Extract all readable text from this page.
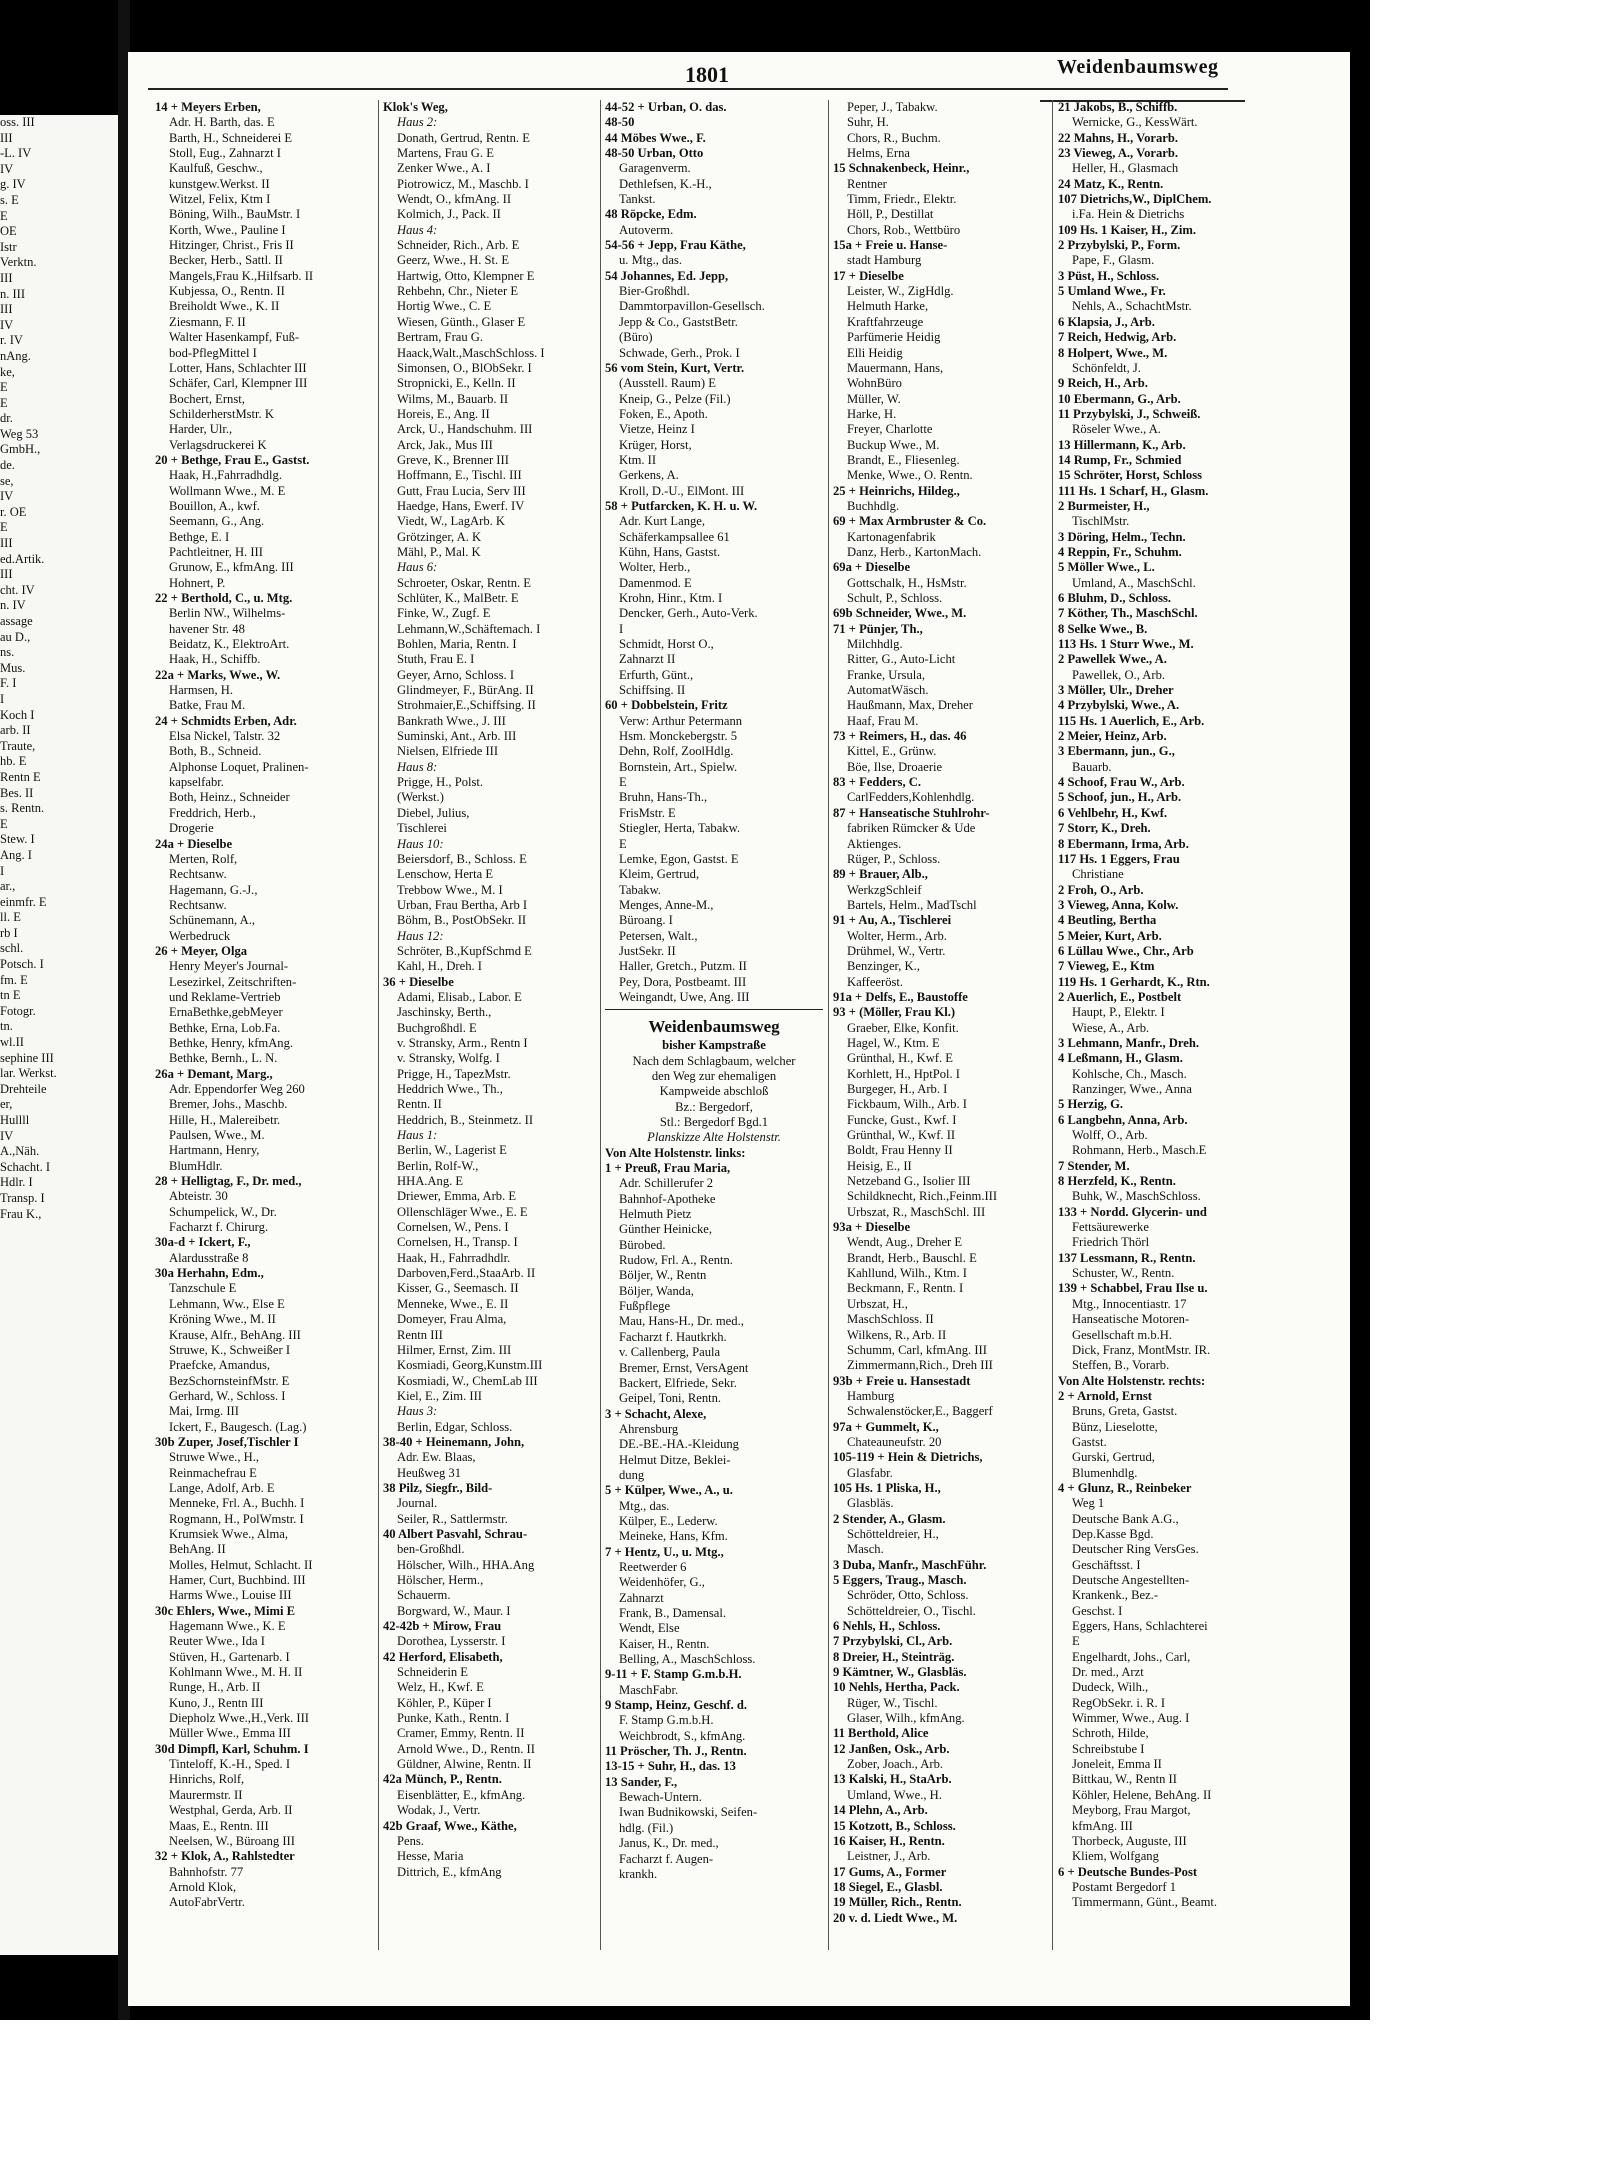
oss. III
III
-L. IV
IV
g. IV
s. E
E
OE
Istr
Verktn.
III
n. III
III
IV
r. IV
nAng.
ke,
E
E
dr.
Weg 53
GmbH.,
de.
se,
IV
r. OE
E
III
ed.Artik.
III
cht. IV
n. IV
assage
au D.,
ns.
Mus.
F. I
I
Koch I
arb. II
Traute,
hb. E
Rentn E
Bes. II
s. Rentn.
E
Stew. I
Ang. I
I
ar.,
einmfr. E
ll. E
rb I
schl.
Potsch. I
fm. E
tn E
Fotogr.
tn.
wl.II
sephine III
lar. Werkst.
Drehteile
er,
Hullll
IV
A.,Näh.
Schacht. I
Hdlr. I
Transp. I
Frau K.,
1801	Weidenbaumsweg
14 + Meyers Erben,
Adr. H. Barth, das. E
Barth, H., Schneiderei E
Stoll, Eug., Zahnarzt I
Kaulfuß, Geschw.,
kunstgew.Werkst. II
Witzel, Felix, Ktm I
Böning, Wilh., BauMstr. I
Korth, Wwe., Pauline I
Hitzinger, Christ., Fris II
Becker, Herb., Sattl. II
Mangels,Frau K.,Hilfsarb. II
Kubjessa, O., Rentn. II
Breiholdt Wwe., K. II
Ziesmann, F. II
Walter Hasenkampf, Fuß-
bod-PflegMittel I
Lotter, Hans, Schlachter III
Schäfer, Carl, Klempner III
Bochert, Ernst,
SchilderherstMstr. K
Harder, Ulr.,
Verlagsdruckerei K
20 + Bethge, Frau E., Gastst.
Haak, H.,Fahrradhdlg.
Wollmann Wwe., M. E
Bouillon, A., kwf.
Seemann, G., Ang.
Bethge, E. I
Pachtleitner, H. III
Grunow, E., kfmAng. III
Hohnert, P.
22 + Berthold, C., u. Mtg.
Berlin NW., Wilhelms-
havener Str. 48
Beidatz, K., ElektroArt.
Haak, H., Schiffb.
22a + Marks, Wwe., W.
Harmsen, H.
Batke, Frau M.
24 + Schmidts Erben, Adr.
Elsa Nickel, Talstr. 32
Both, B., Schneid.
Alphonse Loquet, Pralinen-
kapselfabr.
Both, Heinz., Schneider
Freddrich, Herb.,
Drogerie
24a + Dieselbe
Merten, Rolf,
Rechtsanw.
Hagemann, G.-J.,
Rechtsanw.
Schünemann, A.,
Werbedruck
26 + Meyer, Olga
Henry Meyer's Journal-
Lesezirkel, Zeitschriften-
und Reklame-Vertrieb
ErnaBethke,gebMeyer
Bethke, Erna, Lob.Fa.
Bethke, Henry, kfmAng.
Bethke, Bernh., L. N.
26a + Demant, Marg.,
Adr. Eppendorfer Weg 260
Bremer, Johs., Maschb.
Hille, H., Malereibetr.
Paulsen, Wwe., M.
Hartmann, Henry,
BlumHdlr.
28 + Helligtag, F., Dr. med.,
Abteistr. 30
Schumpelick, W., Dr.
Facharzt f. Chirurg.
30a-d + Ickert, F.,
Alardusstraße 8
30a Herhahn, Edm.,
Tanzschule E
Lehmann, Ww., Else E
Kröning Wwe., M. II
Krause, Alfr., BehAng. III
Struwe, K., Schweißer I
Praefcke, Amandus,
BezSchornsteinfMstr. E
Gerhard, W., Schloss. I
Mai, Irmg. III
Ickert, F., Baugesch. (Lag.)
30b Zuper, Josef,Tischler I
Struwe Wwe., H.,
Reinmachefrau E
Lange, Adolf, Arb. E
Menneke, Frl. A., Buchh. I
Rogmann, H., PolWmstr. I
Krumsiek Wwe., Alma,
BehAng. II
Molles, Helmut, Schlacht. II
Hamer, Curt, Buchbind. III
Harms Wwe., Louise III
30c Ehlers, Wwe., Mimi E
Hagemann Wwe., K. E
Reuter Wwe., Ida I
Stüven, H., Gartenarb. I
Kohlmann Wwe., M. H. II
Runge, H., Arb. II
Kuno, J., Rentn III
Diepholz Wwe.,H.,Verk. III
Müller Wwe., Emma III
30d Dimpfl, Karl, Schuhm. I
Tinteloff, K.-H., Sped. I
Hinrichs, Rolf,
Maurermstr. II
Westphal, Gerda, Arb. II
Maas, E., Rentn. III
Neelsen, W., Büroang III
32 + Klok, A., Rahlstedter
Bahnhofstr. 77
Arnold Klok,
AutoFabrVertr.
Klok's Weg,
Haus 2:
Donath, Gertrud, Rentn. E
Martens, Frau G. E
Zenker Wwe., A. I
Piotrowicz, M., Maschb. I
Wendt, O., kfmAng. II
Kolmich, J., Pack. II
Haus 4:
Schneider, Rich., Arb. E
Geerz, Wwe., H. St. E
Hartwig, Otto, Klempner E
Rehbehn, Chr., Nieter E
Hortig Wwe., C. E
Wiesen, Günth., Glaser E
Bertram, Frau G.
Haack,Walt.,MaschSchloss. I
Simonsen, O., BlObSekr. I
Stropnicki, E., Kelln. II
Wilms, M., Bauarb. II
Horeis, E., Ang. II
Arck, U., Handschuhm. III
Arck, Jak., Mus III
Greve, K., Brenner III
Hoffmann, E., Tischl. III
Gutt, Frau Lucia, Serv III
Haedge, Hans, Ewerf. IV
Viedt, W., LagArb. K
Grötzinger, A. K
Mähl, P., Mal. K
Haus 6:
Schroeter, Oskar, Rentn. E
Schlüter, K., MalBetr. E
Finke, W., Zugf. E
Lehmann,W.,Schäftemach. I
Bohlen, Maria, Rentn. I
Stuth, Frau E. I
Geyer, Arno, Schloss. I
Glindmeyer, F., BürAng. II
Strohmaier,E.,Schiffsing. II
Bankrath Wwe., J. III
Suminski, Ant., Arb. III
Nielsen, Elfriede III
Haus 8:
Prigge, H., Polst.
(Werkst.)
Diebel, Julius,
Tischlerei
Haus 10:
Beiersdorf, B., Schloss. E
Lenschow, Herta E
Trebbow Wwe., M. I
Urban, Frau Bertha, Arb I
Böhm, B., PostObSekr. II
Haus 12:
Schröter, B.,KupfSchmd E
Kahl, H., Dreh. I
36 + Dieselbe
Adami, Elisab., Labor. E
Jaschinsky, Berth.,
Buchgroßhdl. E
v. Stransky, Arm., Rentn I
v. Stransky, Wolfg. I
Prigge, H., TapezMstr.
Heddrich Wwe., Th.,
Rentn. II
Heddrich, B., Steinmetz. II
Haus 1:
Berlin, W., Lagerist E
Berlin, Rolf-W.,
HHA.Ang. E
Driewer, Emma, Arb. E
Ollenschläger Wwe., E. E
Cornelsen, W., Pens. I
Cornelsen, H., Transp. I
Haak, H., Fahrradhdlr.
Darboven,Ferd.,StaaArb. II
Kisser, G., Seemasch. II
Menneke, Wwe., E. II
Domeyer, Frau Alma,
Rentn III
Hilmer, Ernst, Zim. III
Kosmiadi, Georg,Kunstm.III
Kosmiadi, W., ChemLab III
Kiel, E., Zim. III
Haus 3:
Berlin, Edgar, Schloss.
38-40 + Heinemann, John,
Adr. Ew. Blaas,
Heußweg 31
38 Pilz, Siegfr., Bild-
Journal.
Seiler, R., Sattlermstr.
40 Albert Pasvahl, Schrau-
ben-Großhdl.
Hölscher, Wilh., HHA.Ang
Hölscher, Herm.,
Schauerm.
Borgward, W., Maur. I
42-42b + Mirow, Frau
Dorothea, Lysserstr. I
42 Herford, Elisabeth,
Schneiderin E
Welz, H., Kwf. E
Köhler, P., Küper I
Punke, Kath., Rentn. I
Cramer, Emmy, Rentn. II
Arnold Wwe., D., Rentn. II
Güldner, Alwine, Rentn. II
42a Münch, P., Rentn.
Eisenblätter, E., kfmAng.
Wodak, J., Vertr.
42b Graaf, Wwe., Käthe,
Pens.
Hesse, Maria
Dittrich, E., kfmAng
44-52 + Urban, O. das.
48-50
44 Möbes Wwe., F.
48-50 Urban, Otto
Garagenverm.
Dethlefsen, K.-H.,
Tankst.
48 Röpcke, Edm.
Autoverm.
54-56 + Jepp, Frau Käthe,
u. Mtg., das.
54 Johannes, Ed. Jepp,
Bier-Großhdl.
Dammtorpavillon-Gesellsch.
Jepp & Co., GaststBetr.
(Büro)
Schwade, Gerh., Prok. I
56 vom Stein, Kurt, Vertr.
(Ausstell. Raum) E
Kneip, G., Pelze (Fil.)
Foken, E., Apoth.
Vietze, Heinz I
Krüger, Horst,
Ktm. II
Gerkens, A.
Kroll, D.-U., ElMont. III
58 + Putfarcken, K. H. u. W.
Adr. Kurt Lange,
Schäferkampsallee 61
Kühn, Hans, Gastst.
Wolter, Herb.,
Damenmod. E
Krohn, Hinr., Ktm. I
Dencker, Gerh., Auto-Verk.
I
Schmidt, Horst O.,
Zahnarzt II
Erfurth, Günt.,
Schiffsing. II
60 + Dobbelstein, Fritz
Verw: Arthur Petermann
Hsm. Monckebergstr. 5
Dehn, Rolf, ZoolHdlg.
Bornstein, Art., Spielw.
E
Bruhn, Hans-Th.,
FrisMstr. E
Stiegler, Herta, Tabakw.
E
Lemke, Egon, Gastst. E
Kleim, Gertrud,
Tabakw.
Menges, Anne-M.,
Büroang. I
Petersen, Walt.,
JustSekr. II
Haller, Gretch., Putzm. II
Pey, Dora, Postbeamt. III
Weingandt, Uwe, Ang. III
Weidenbaumsweg
bisher Kampstraße
Nach dem Schlagbaum, welcher
den Weg zur ehemaligen
Kampweide abschloß
Bz.: Bergedorf,
Stl.: Bergedorf Bgd.1
Planskizze Alte Holstenstr.
Von Alte Holstenstr. links:
1 + Preuß, Frau Maria,
Adr. Schillerufer 2
Bahnhof-Apotheke
Helmuth Pietz
Günther Heinicke,
Bürobed.
Rudow, Frl. A., Rentn.
Böljer, W., Rentn
Böljer, Wanda,
Fußpflege
Mau, Hans-H., Dr. med.,
Facharzt f. Hautkrkh.
v. Callenberg, Paula
Bremer, Ernst, VersAgent
Backert, Elfriede, Sekr.
Geipel, Toni, Rentn.
3 + Schacht, Alexe,
Ahrensburg
DE.-BE.-HA.-Kleidung
Helmut Ditze, Beklei-
dung
5 + Külper, Wwe., A., u.
Mtg., das.
Külper, E., Lederw.
Meineke, Hans, Kfm.
7 + Hentz, U., u. Mtg.,
Reetwerder 6
Weidenhöfer, G.,
Zahnarzt
Frank, B., Damensal.
Wendt, Else
Kaiser, H., Rentn.
Belling, A., MaschSchloss.
9-11 + F. Stamp G.m.b.H.
MaschFabr.
9 Stamp, Heinz, Geschf. d.
F. Stamp G.m.b.H.
Weichbrodt, S., kfmAng.
11 Pröscher, Th. J., Rentn.
13-15 + Suhr, H., das. 13
13 Sander, F.,
Bewach-Untern.
Iwan Budnikowski, Seifen-
hdlg. (Fil.)
Janus, K., Dr. med.,
Facharzt f. Augen-
krankh.
Peper, J., Tabakw.
Suhr, H.
Chors, R., Buchm.
Helms, Erna
15 Schnakenbeck, Heinr.,
Rentner
Timm, Friedr., Elektr.
Höll, P., Destillat
Chors, Rob., Wettbüro
15a + Freie u. Hanse-
stadt Hamburg
17 + Dieselbe
Leister, W., ZigHdlg.
Helmuth Harke,
Kraftfahrzeuge
Parfümerie Heidig
Elli Heidig
Mauermann, Hans,
WohnBüro
Müller, W.
Harke, H.
Freyer, Charlotte
Buckup Wwe., M.
Brandt, E., Fliesenleg.
Menke, Wwe., O. Rentn.
25 + Heinrichs, Hildeg.,
Buchhdlg.
69 + Max Armbruster & Co.
Kartonagenfabrik
Danz, Herb., KartonMach.
69a + Dieselbe
Gottschalk, H., HsMstr.
Schult, P., Schloss.
69b Schneider, Wwe., M.
71 + Pünjer, Th.,
Milchhdlg.
Ritter, G., Auto-Licht
Franke, Ursula,
AutomatWäsch.
Haußmann, Max, Dreher
Haaf, Frau M.
73 + Reimers, H., das. 46
Kittel, E., Grünw.
Böe, Ilse, Droaerie
83 + Fedders, C.
CarlFedders,Kohlenhdlg.
87 + Hanseatische Stuhlrohr-
fabriken Rümcker & Ude
Aktienges.
Rüger, P., Schloss.
89 + Brauer, Alb.,
WerkzgSchleif
Bartels, Helm., MadTschl
91 + Au, A., Tischlerei
Wolter, Herm., Arb.
Drühmel, W., Vertr.
Benzinger, K.,
Kaffeeröst.
91a + Delfs, E., Baustoffe
93 + (Möller, Frau Kl.)
Graeber, Elke, Konfit.
Hagel, W., Ktm. E
Grünthal, H., Kwf. E
Korhlett, H., HptPol. I
Burgeger, H., Arb. I
Fickbaum, Wilh., Arb. I
Funcke, Gust., Kwf. I
Grünthal, W., Kwf. II
Boldt, Frau Henny II
Heisig, E., II
Netzeband G., Isolier III
Schildknecht, Rich.,Feinm.III
Urbszat, R., MaschSchl. III
93a + Dieselbe
Wendt, Aug., Dreher E
Brandt, Herb., Bauschl. E
Kahllund, Wilh., Ktm. I
Beckmann, F., Rentn. I
Urbszat, H.,
MaschSchloss. II
Wilkens, R., Arb. II
Schumm, Carl, kfmAng. III
Zimmermann,Rich., Dreh III
93b + Freie u. Hansestadt
Hamburg
Schwalenstöcker,E., Baggerf
97a + Gummelt, K.,
Chateauneufstr. 20
105-119 + Hein & Dietrichs,
Glasfabr.
105 Hs. 1 Pliska, H.,
Glasbläs.
2 Stender, A., Glasm.
Schötteldreier, H.,
Masch.
3 Duba, Manfr., MaschFühr.
5 Eggers, Traug., Masch.
Schröder, Otto, Schloss.
Schötteldreier, O., Tischl.
6 Nehls, H., Schloss.
7 Przybylski, Cl., Arb.
8 Dreier, H., Steinträg.
9 Kämtner, W., Glasbläs.
10 Nehls, Hertha, Pack.
Rüger, W., Tischl.
Glaser, Wilh., kfmAng.
11 Berthold, Alice
12 Janßen, Osk., Arb.
Zober, Joach., Arb.
13 Kalski, H., StaArb.
Umland, Wwe., H.
14 Plehn, A., Arb.
15 Kotzott, B., Schloss.
16 Kaiser, H., Rentn.
Leistner, J., Arb.
17 Gums, A., Former
18 Siegel, E., Glasbl.
19 Müller, Rich., Rentn.
20 v. d. Liedt Wwe., M.
21 Jakobs, B., Schiffb.
Wernicke, G., KessWärt.
22 Mahns, H., Vorarb.
23 Vieweg, A., Vorarb.
Heller, H., Glasmach
24 Matz, K., Rentn.
107 Dietrichs,W., DiplChem.
i.Fa. Hein & Dietrichs
109 Hs. 1 Kaiser, H., Zim.
2 Przybylski, P., Form.
Pape, F., Glasm.
3 Püst, H., Schloss.
5 Umland Wwe., Fr.
Nehls, A., SchachtMstr.
6 Klapsia, J., Arb.
7 Reich, Hedwig, Arb.
8 Holpert, Wwe., M.
Schönfeldt, J.
9 Reich, H., Arb.
10 Ebermann, G., Arb.
11 Przybylski, J., Schweiß.
Röseler Wwe., A.
13 Hillermann, K., Arb.
14 Rump, Fr., Schmied
15 Schröter, Horst, Schloss
111 Hs. 1 Scharf, H., Glasm.
2 Burmeister, H.,
TischlMstr.
3 Döring, Helm., Techn.
4 Reppin, Fr., Schuhm.
5 Möller Wwe., L.
Umland, A., MaschSchl.
6 Bluhm, D., Schloss.
7 Köther, Th., MaschSchl.
8 Selke Wwe., B.
113 Hs. 1 Sturr Wwe., M.
2 Pawellek Wwe., A.
Pawellek, O., Arb.
3 Möller, Ulr., Dreher
4 Przybylski, Wwe., A.
115 Hs. 1 Auerlich, E., Arb.
2 Meier, Heinz, Arb.
3 Ebermann, jun., G.,
Bauarb.
4 Schoof, Frau W., Arb.
5 Schoof, jun., H., Arb.
6 Vehlbehr, H., Kwf.
7 Storr, K., Dreh.
8 Ebermann, Irma, Arb.
117 Hs. 1 Eggers, Frau
Christiane
2 Froh, O., Arb.
3 Vieweg, Anna, Kolw.
4 Beutling, Bertha
5 Meier, Kurt, Arb.
6 Lüllau Wwe., Chr., Arb
7 Vieweg, E., Ktm
119 Hs. 1 Gerhardt, K., Rtn.
2 Auerlich, E., Postbelt
Haupt, P., Elektr. I
Wiese, A., Arb.
3 Lehmann, Manfr., Dreh.
4 Leßmann, H., Glasm.
Kohlsche, Ch., Masch.
Ranzinger, Wwe., Anna
5 Herzig, G.
6 Langbehn, Anna, Arb.
Wolff, O., Arb.
Rohmann, Herb., Masch.E
7 Stender, M.
8 Herzfeld, K., Rentn.
Buhk, W., MaschSchloss.
133 + Nordd. Glycerin- und
Fettsäurewerke
Friedrich Thörl
137 Lessmann, R., Rentn.
Schuster, W., Rentn.
139 + Schabbel, Frau Ilse u.
Mtg., Innocentiastr. 17
Hanseatische Motoren-
Gesellschaft m.b.H.
Dick, Franz, MontMstr. IR.
Steffen, B., Vorarb.
Von Alte Holstenstr. rechts:
2 + Arnold, Ernst
Bruns, Greta, Gastst.
Bünz, Lieselotte,
Gastst.
Gurski, Gertrud,
Blumenhdlg.
4 + Glunz, R., Reinbeker
Weg 1
Deutsche Bank A.G.,
Dep.Kasse Bgd.
Deutscher Ring VersGes.
Geschäftsst. I
Deutsche Angestellten-
Krankenk., Bez.-
Geschst. I
Eggers, Hans, Schlachterei
E
Engelhardt, Johs., Carl,
Dr. med., Arzt
Dudeck, Wilh.,
RegObSekr. i. R. I
Wimmer, Wwe., Aug. I
Schroth, Hilde,
Schreibstube I
Joneleit, Emma II
Bittkau, W., Rentn II
Köhler, Helene, BehAng. II
Meyborg, Frau Margot,
kfmAng. III
Thorbeck, Auguste, III
Kliem, Wolfgang
6 + Deutsche Bundes-Post
Postamt Bergedorf 1
Timmermann, Günt., Beamt.
